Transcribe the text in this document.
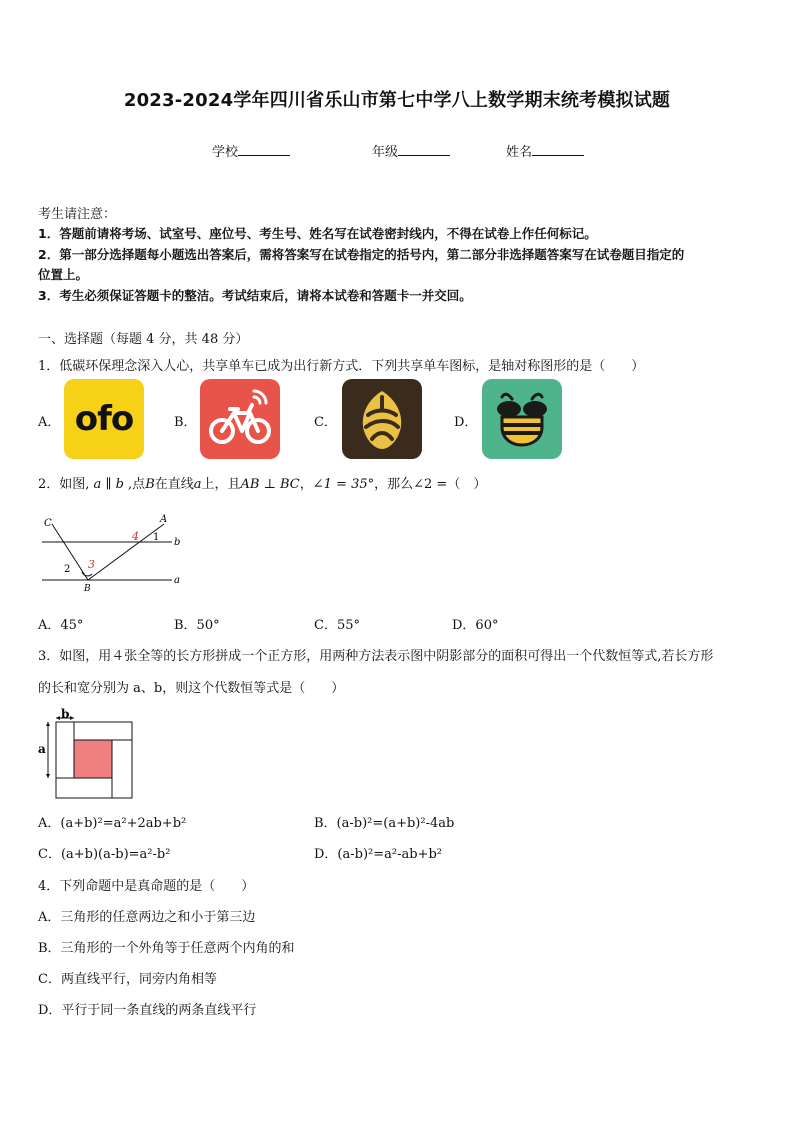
2023-2024学年四川省乐山市第七中学八上数学期末统考模拟试题
学校	年级	姓名
考生请注意：
1．答题前请将考场、试室号、座位号、考生号、姓名写在试卷密封线内，不得在试卷上作任何标记。
2．第一部分选择题每小题选出答案后，需将答案写在试卷指定的括号内，第二部分非选择题答案写在试卷题目指定的
位置上。
3．考生必须保证答题卡的整洁。考试结束后，请将本试卷和答题卡一并交回。
一、选择题（每题 4 分，共 48 分）
1．低碳环保理念深入人心，共享单车已成为出行新方式．下列共享单车图标，是轴对称图形的是（　　）
A． ofo	B．	C．	D．
2．如图, a ∥ b ,点B在直线a上，且AB ⊥ BC，∠1 = 35°，那么∠2 =（　）
C	A
b
a
B
1
2 3
4
A．45°	B．50°	C．55°	D．60°
3．如图，用４张全等的长方形拼成一个正方形，用两种方法表示图中阴影部分的面积可得出一个代数恒等式,若长方形
的长和宽分别为 a、b，则这个代数恒等式是（　　）
b
a
A．(a+b)²=a²+2ab+b²	B．(a-b)²=(a+b)²-4ab
C．(a+b)(a-b)=a²-b²	D．(a-b)²=a²-ab+b²
4．下列命题中是真命题的是（　　）
A．三角形的任意两边之和小于第三边
B．三角形的一个外角等于任意两个内角的和
C．两直线平行，同旁内角相等
D．平行于同一条直线的两条直线平行
